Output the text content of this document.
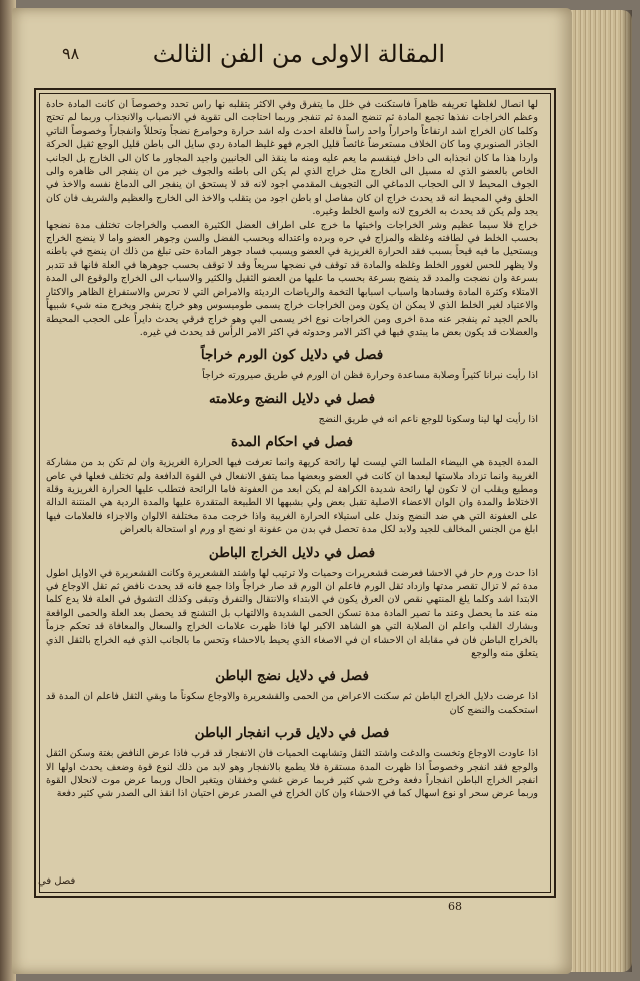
٩٨	المقالة الاولى من الفن الثالث

لها انصال لغلظها تعريفه ظاهراً فاستكنت في خلل ما يتفرق وفي الاكثر يتقلبه نها راس تحدد وخصوصاً ان كانت المادة حادة وعظم الخراجات نفذها تجمع المادة ثم تنضج المدة ثم تنفجر وربما احتاجت الى تقوية في الانصباب والانجذاب وربما لم تحتج وكلما كان الخراج اشد ارتفاعاً واحراراً واحد راساً فالعلة احدث وله اشد حرارة وحوامرع نضجاً وتحللاً وانفجاراً وخصوصاً الناتي الجاذر الصنوبري وما كان الخلاف مستعرضاً غائصاً قليل الجرم فهو غليظ المادة ردي سايل الى باطن قليل الوجع ثقيل الحركة واردا هذا ما كان انجذابه الى داخل فينقسم ما يعم عليه ومنه ما ينقذ الى الجانبين واجيد المجاور ما كان الى الخارج بل الجانب الخاص بالعضو الذي له مسيل الى الخارج مثل خراج الذي لم يكن الى باطنه والجوف خير من ان ينفجر الى ظاهره والى الجوف المحيط لا الى الحجاب الدماغي الى التجويف المقدمي اجود لانه قد لا يستحق ان ينفجر الى الدماغ نفسه والاخذ في الحلق وفي المحيط انه قد يحدث خراج ان كان مفاصل او باطن اجود من يتقلب والاخذ الى الخارج والعظيم والشريف فان كان يجد ولم يكن قد يحدث به الخروج لانه واسع الخلط وغيره.

خراج فلا سيما عظيم وشر الخراجات واخبثها ما خرج على اطراف العضل الكثيرة العصب والخراجات تختلف مدة نضجها بحسب الخلط في لطافته وغلظه والمزاج في حره وبرده واعتداله وبحسب الفضل والسن وجوهر العضو واما لا ينضج الخراج ويستحيل ما فيه قيحاً بسبب فقد الحرارة الغريزية في العضو ويسبب فساد جوهر المادة حتى تبلغ من ذلك ان ينضج في باطنه ولا يظهر للحس لغوور الخلط وغلظه والمادة قد توقف في نضجها سريعاً وقد لا توقف بحسب جوهرها في العلة فانها قد تتدبر بسرعة وان نضجت والمدد قد ينضج بسرعة بحسب ما عليها من العضو الثقيل والكثير والاسباب الى الخراج والوقوع الى المدة الامتلاء وكثرة المادة وفسادها واسباب اسبابها التخمة والرياضات الرديئة والامراض التي لا تحرس والاستفراغ الظاهر والاكثار والاعتياد لغير الخلط الذي لا يمكن ان يكون ومن الخراجات خراج يسمى طوميسوس وهو خراج ينفجر ويخرج منه شيء شبيهاً بالحم الجيد ثم ينفجر عنه مدة اخرى ومن الخراجات نوع اخر يسمى البي وهو خراج فرقي يحدث دايراً على الحجب المحيطة والعضلات قد يكون بعض ما يبتدي فيها في اكثر الامر وحدوثه في اكثر الامر الرأس قد يحدث في غيره.

فصل في دلايل كون الورم خراجاً

اذا رأيت نبرانا كثيراً وصلابة مساعدة وحرارة فظن ان الورم في طريق صيرورته خراجاً

فصل في دلايل النضج وعلامته

اذا رأيت لها لينا وسكونا للوجع ناعم انه في طريق النضج

فصل في احكام المدة

المدة الجيدة هي البيضاء الملسا التي ليست لها رائحة كريهة وانما تعرفت فيها الحرارة الغريزية وان لم تكن بد من مشاركة الغريبة وانما تزداد ملاستها لبعدها ان كانت في العضو وبعضها مما يتفق الانفعال في القوة الدافعة ولم تختلف فعلها في عاص ومطيع ويقلب ان لا تكون لها رائحة شديدة الكراهة لم يكن ابعد من العفونة فاما الرائحة فتطلب عليها الحرارة الغريزية وقلة الاختلاط والمدة وان الوان الاعضاء الاصلية تقبل بعض ولي بشبهها الا الطبيعة المتقدرة عليها والمدة الردية هي المنتنة الدالة على العفونة التي هي ضد النضج وندل على استيلاء الحرارة الغريبة واذا خرجت مدة مختلفة الالوان والاجزاء فالعلامات فيها ابلغ من الجنس المخالف للجيد ولابد لكل مدة تحصل في بدن من عفونة او نضج او ورم او استحالة بالعراض

فصل في دلايل الخراج الباطن

اذا حدث ورم حار في الاحشا فعرضت قشعريرات وحميات ولا ترتيب لها واشتد القشعريرة وكانت القشعريرة في الاوايل اطول مدة ثم لا تزال تقصر مدتها وازداد ثقل الورم فاعلم ان الورم قد صار خراجاً واذا جمع فانه قد يحدث نافض ثم تقل الاوجاع في الابتدا اشد وكلما يلغ المنتهي نقص لان العرق يكون في الابتداء والانتقال والتفرق وتبقى وكذلك التشوق في العلة فلا يدع كلما منه عند ما يحصل وعند ما تصير المادة مدة تسكن الحمى الشديدة والالتهاب بل التشنج قد يحصل بعد العلة والحمى الواقعة وبشارك القلب واعلم ان الصلابة التي هو الشاهد الاكبر لها فاذا ظهرت علامات الخراج والسعال والمعافاة قد تحكم جزماً بالخراج الباطن فان في مقابلة ان الاحشاء ان في الاصغاء الذي يحيط بالاحشاء وتحس ما بالجانب الذي فيه الخراج بالثقل الذي يتعلق منه والوجع

فصل في دلايل نضج الباطن

اذا عرضت دلايل الخراج الباطن ثم سكنت الاعراض من الحمى والقشعريرة والاوجاع سكوناً ما وبقي الثقل فاعلم ان المدة قد استحكمت والنضج كان

فصل في دلايل قرب انفجار الباطن

اذا عاودت الاوجاع وتخست والدغت واشتد الثقل وتشابهت الحميات فان الانفجار قد قرب فاذا عرض النافض بغتة وسكن الثقل والوجع فقد انفجر وخصوصاً اذا ظهرت المدة مستقرة فلا يطمع بالانفجار وهو لابد من ذلك لنوع قوة وضعف يحدث اولها الا انفجر الخراج الباطن انفجاراً دفعة وخرج شي كثير فربما عرض غشي وخفقان ويتغير الحال وربما عرض موت لانحلال القوة وربما عرض سحر او نوع اسهال كما في الاحشاء وان كان الخراج في الصدر عرض احتيان اذا انقذ الى الصدر شي كثير دفعة

فصل في
68
